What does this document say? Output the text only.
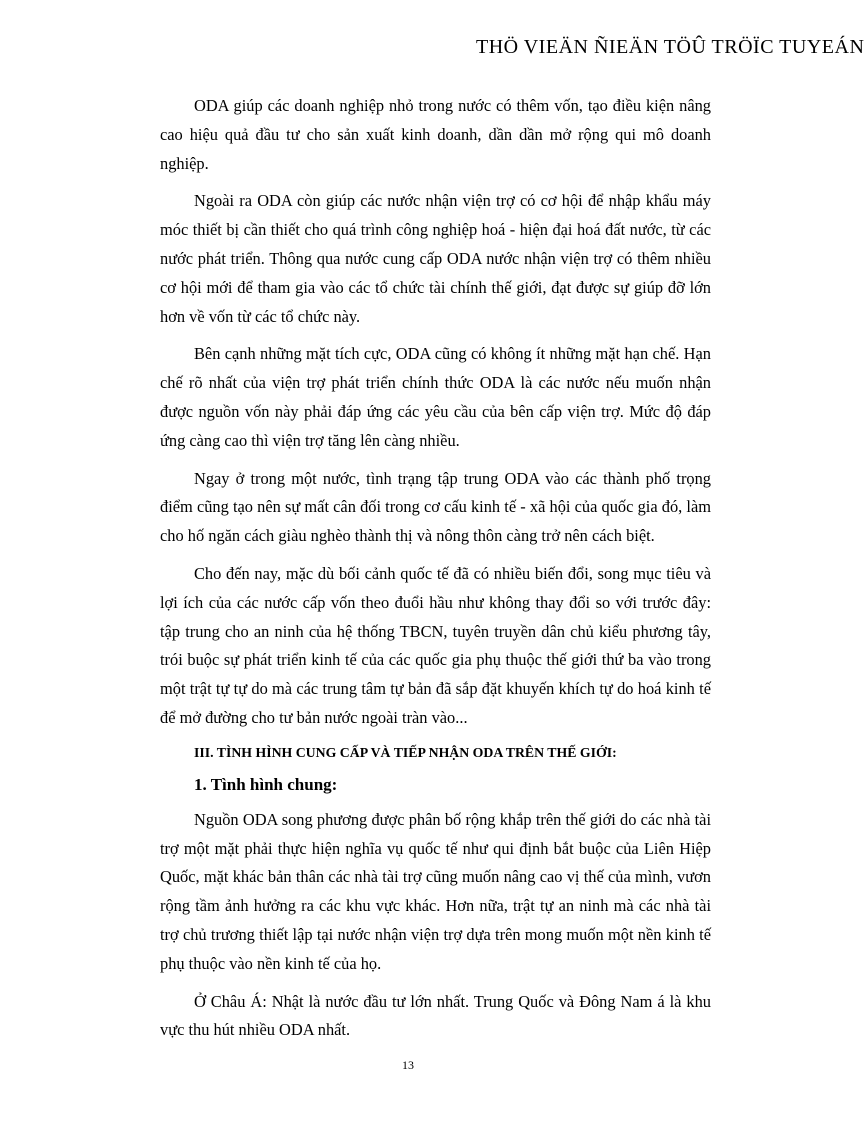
THÖ VIEÄN ÑIEÄN TÖÛ TRÖÏC TUYEÁN

ODA giúp các doanh nghiệp nhỏ trong nước có thêm vốn, tạo điều kiện nâng cao hiệu quả đầu tư cho sản xuất kinh doanh, dần dần mở rộng qui mô doanh nghiệp.

Ngoài ra ODA còn giúp các nước nhận viện trợ có cơ hội để nhập khẩu máy móc thiết bị cần thiết cho quá trình công nghiệp hoá - hiện đại hoá đất nước, từ các nước phát triển. Thông qua nước cung cấp ODA nước nhận viện trợ có thêm nhiều cơ hội mới để tham gia vào các tổ chức tài chính thế giới, đạt được sự giúp đỡ lớn hơn về vốn từ các tổ chức này.

Bên cạnh những mặt tích cực, ODA cũng có không ít những mặt hạn chế. Hạn chế rõ nhất của viện trợ phát triển chính thức ODA là các nước nếu muốn nhận được nguồn vốn này phải đáp ứng các yêu cầu của bên cấp viện trợ. Mức độ đáp ứng càng cao thì viện trợ tăng lên càng nhiều.

Ngay ở trong một nước, tình trạng tập trung ODA vào các thành phố trọng điểm cũng tạo nên sự mất cân đối trong cơ cấu kinh tế - xã hội của quốc gia đó, làm cho hố ngăn cách giàu nghèo thành thị và nông thôn càng trở nên cách biệt.

Cho đến nay, mặc dù bối cảnh quốc tế đã có nhiều biến đổi, song mục tiêu và lợi ích của các nước cấp vốn theo đuổi hầu như không thay đổi so với trước đây: tập trung cho an ninh của hệ thống TBCN, tuyên truyền dân chủ kiểu phương tây, trói buộc sự phát triển kinh tế của các quốc gia phụ thuộc thế giới thứ ba vào trong một trật tự tự do mà các trung tâm tự bản đã sắp đặt khuyến khích tự do hoá kinh tế để mở đường cho tư bản nước ngoài tràn vào...

III. TÌNH HÌNH CUNG CẤP VÀ TIẾP NHẬN ODA TRÊN THẾ GIỚI:
1. Tình hình chung:

Nguồn ODA song phương được phân bố rộng khắp trên thế giới do các nhà tài trợ một mặt phải thực hiện nghĩa vụ quốc tế như qui định bắt buộc của Liên Hiệp Quốc, mặt khác bản thân các nhà tài trợ cũng muốn nâng cao vị thế của mình, vươn rộng tầm ảnh hưởng ra các khu vực khác. Hơn nữa, trật tự an ninh mà các nhà tài trợ chủ trương thiết lập tại nước nhận viện trợ dựa trên mong muốn một nền kinh tế phụ thuộc vào nền kinh tế của họ.

Ở Châu Á: Nhật là nước đầu tư lớn nhất. Trung Quốc và Đông Nam á là khu vực thu hút nhiều ODA nhất.

13
